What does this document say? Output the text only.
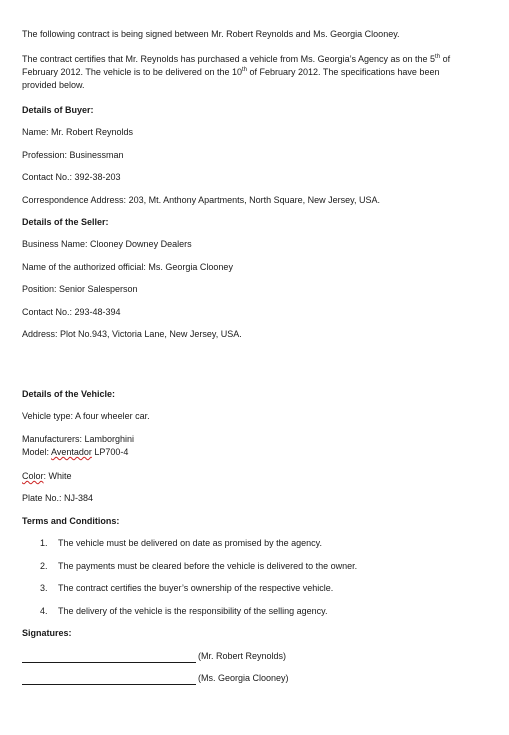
The following contract is being signed between Mr. Robert Reynolds and Ms. Georgia Clooney.
The contract certifies that Mr. Reynolds has purchased a vehicle from Ms. Georgia’s Agency as on the 5th of February 2012. The vehicle is to be delivered on the 10th of February 2012. The specifications have been provided below.
Details of Buyer:
Name: Mr. Robert Reynolds
Profession: Businessman
Contact No.: 392-38-203
Correspondence Address: 203, Mt. Anthony Apartments, North Square, New Jersey, USA.
Details of the Seller:
Business Name: Clooney Downey Dealers
Name of the authorized official: Ms. Georgia Clooney
Position: Senior Salesperson
Contact No.: 293-48-394
Address: Plot No.943, Victoria Lane, New Jersey, USA.
Details of the Vehicle:
Vehicle type: A four wheeler car.
Manufacturers: Lamborghini
Model: Aventador LP700-4
Color: White
Plate No.: NJ-384
Terms and Conditions:
1. The vehicle must be delivered on date as promised by the agency.
2. The payments must be cleared before the vehicle is delivered to the owner.
3. The contract certifies the buyer’s ownership of the respective vehicle.
4. The delivery of the vehicle is the responsibility of the selling agency.
Signatures:
(Mr. Robert Reynolds)
(Ms. Georgia Clooney)
